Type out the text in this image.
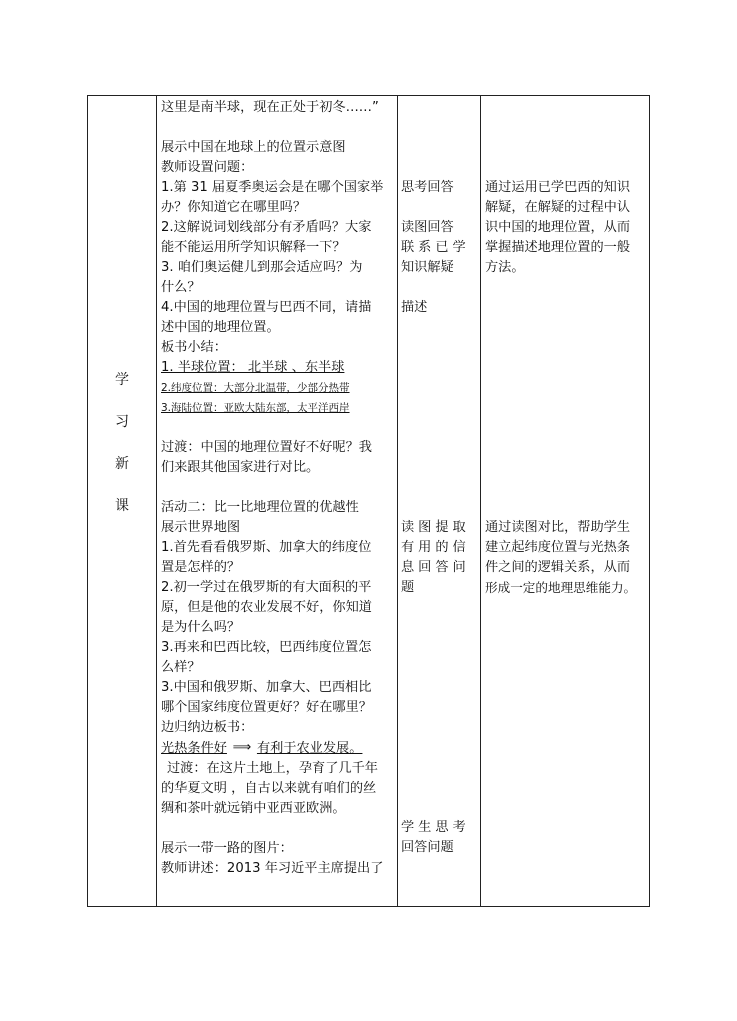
学
习
新
课
这里是南半球，现在正处于初冬……”
展示中国在地球上的位置示意图
教师设置问题：
1.第 31 届夏季奥运会是在哪个国家举
办？你知道它在哪里吗？
2.这解说词划线部分有矛盾吗？大家
能不能运用所学知识解释一下？
3. 咱们奥运健儿到那会适应吗？为
什么？
4.中国的地理位置与巴西不同，请描
述中国的地理位置。
板书小结：
1. 半球位置： 北半球 、东半球
2.纬度位置：大部分北温带，少部分热带
3.海陆位置：亚欧大陆东部，太平洋西岸
过渡：中国的地理位置好不好呢？我
们来跟其他国家进行对比。
活动二：比一比地理位置的优越性
展示世界地图
1.首先看看俄罗斯、加拿大的纬度位
置是怎样的？
2.初一学过在俄罗斯的有大面积的平
原，但是他的农业发展不好，你知道
是为什么吗？
3.再来和巴西比较，巴西纬度位置怎
么样？
3.中国和俄罗斯、加拿大、巴西相比
哪个国家纬度位置更好？好在哪里？
边归纳边板书：
光热条件好 ⟹ 有利于农业发展。
过渡：在这片土地上，孕育了几千年
的华夏文明 ，自古以来就有咱们的丝
绸和茶叶就远销中亚西亚欧洲。
展示一带一路的图片：
教师讲述：2013 年习近平主席提出了
思考回答
读图回答
联系已学
知识解疑
描述
读图提取
有用的信
息回答问
题
学生思考
回答问题
通过运用已学巴西的知识
解疑，在解疑的过程中认
识中国的地理位置，从而
掌握描述地理位置的一般
方法。
通过读图对比，帮助学生
建立起纬度位置与光热条
件之间的逻辑关系，从而
形成一定的地理思维能力。
